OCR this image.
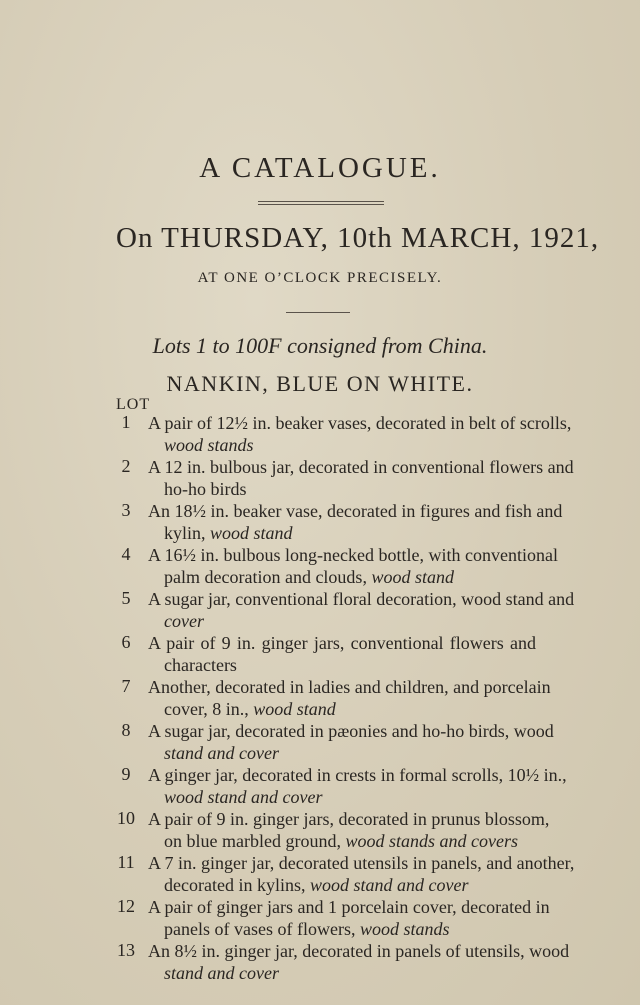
A CATALOGUE.
On THURSDAY, 10th MARCH, 1921,
AT ONE O’CLOCK PRECISELY.
Lots 1 to 100F consigned from China.
NANKIN, BLUE ON WHITE.
LOT
1 A pair of 12½ in. beaker vases, decorated in belt of scrolls,
wood stands
2 A 12 in. bulbous jar, decorated in conventional flowers and
ho-ho birds
3 An 18½ in. beaker vase, decorated in figures and fish and
kylin, wood stand
4 A 16½ in. bulbous long-necked bottle, with conventional
palm decoration and clouds, wood stand
5 A sugar jar, conventional floral decoration, wood stand and
cover
6 A pair of 9 in. ginger jars, conventional flowers and
characters
7 Another, decorated in ladies and children, and porcelain
cover, 8 in., wood stand
8 A sugar jar, decorated in pæonies and ho-ho birds, wood
stand and cover
9 A ginger jar, decorated in crests in formal scrolls, 10½ in.,
wood stand and cover
10 A pair of 9 in. ginger jars, decorated in prunus blossom,
on blue marbled ground, wood stands and covers
11 A 7 in. ginger jar, decorated utensils in panels, and another,
decorated in kylins, wood stand and cover
12 A pair of ginger jars and 1 porcelain cover, decorated in
panels of vases of flowers, wood stands
13 An 8½ in. ginger jar, decorated in panels of utensils, wood
stand and cover
